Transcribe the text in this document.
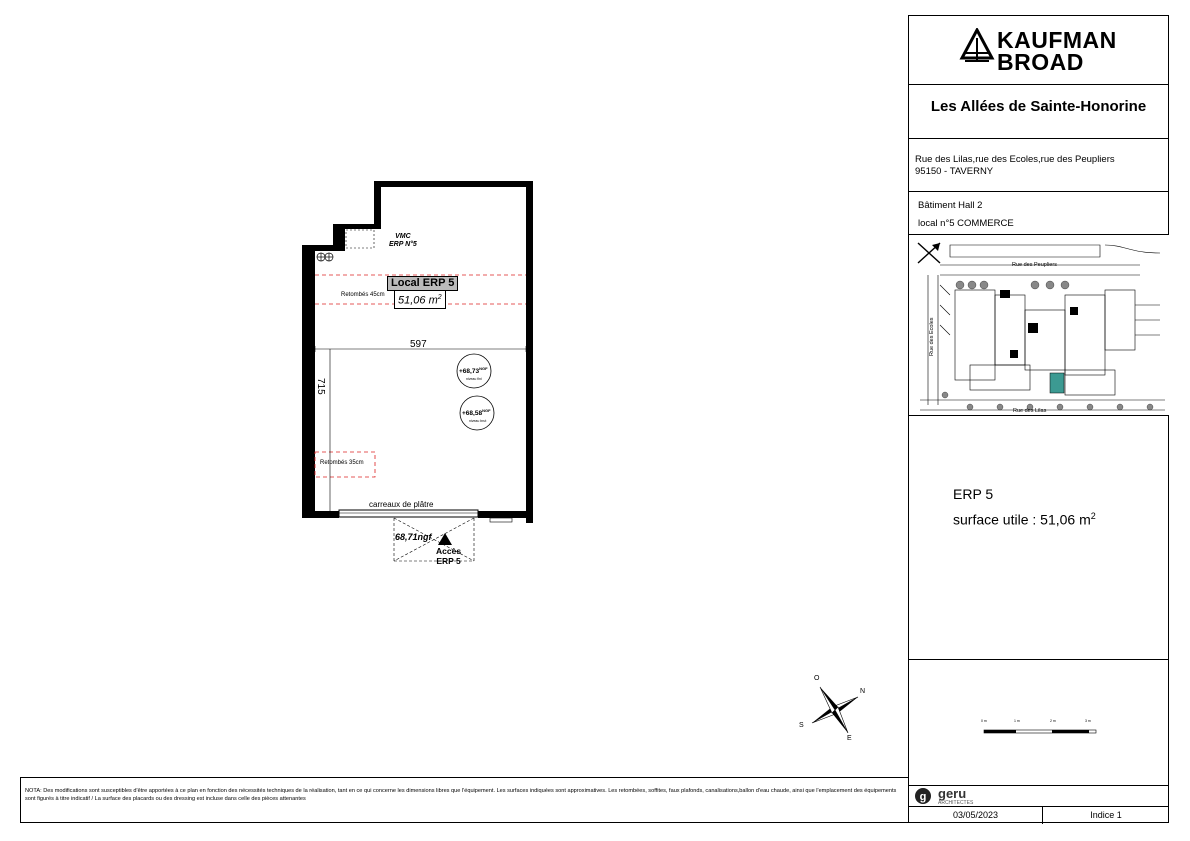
VMC
ERP N°5
Local ERP 5
51,06 $m^2$
Retombés 45cm
Retombés 35cm
597
715
$+68,73^{NGF}$
niveau fini
$+68,58^{NGF}$
niveau brut
carreaux de plâtre
68,71ngf
Accès
ERP 5
N
O
S
E
KAUFMAN
BROAD
Les Allées de Sainte-Honorine
Rue des Lilas,rue des Ecoles,rue des Peupliers
95150 - TAVERNY
Bâtiment Hall 2
local n°5 COMMERCE
Rue des Peupliers
Rue des Ecoles
Rue des Lilas
ERP 5
surface utile : 51,06 $m^2$
0 m	1 m	2 m	3 m
g geru
ARCHITECTES
03/05/2023	Indice 1
NOTA: Des modifications sont susceptibles d'être apportées à ce plan en fonction des nécessités techniques de la réalisation, tant en ce qui concerne les dimensions libres que l'équipement. Les surfaces indiquées sont approximatives. Les retombées, soffites, faux plafonds, canalisations,ballon d'eau chaude, ainsi que l'emplacement des équipements sont figurés à titre indicatif / La surface des placards ou des dressing est incluse dans celle des pièces attenantes
